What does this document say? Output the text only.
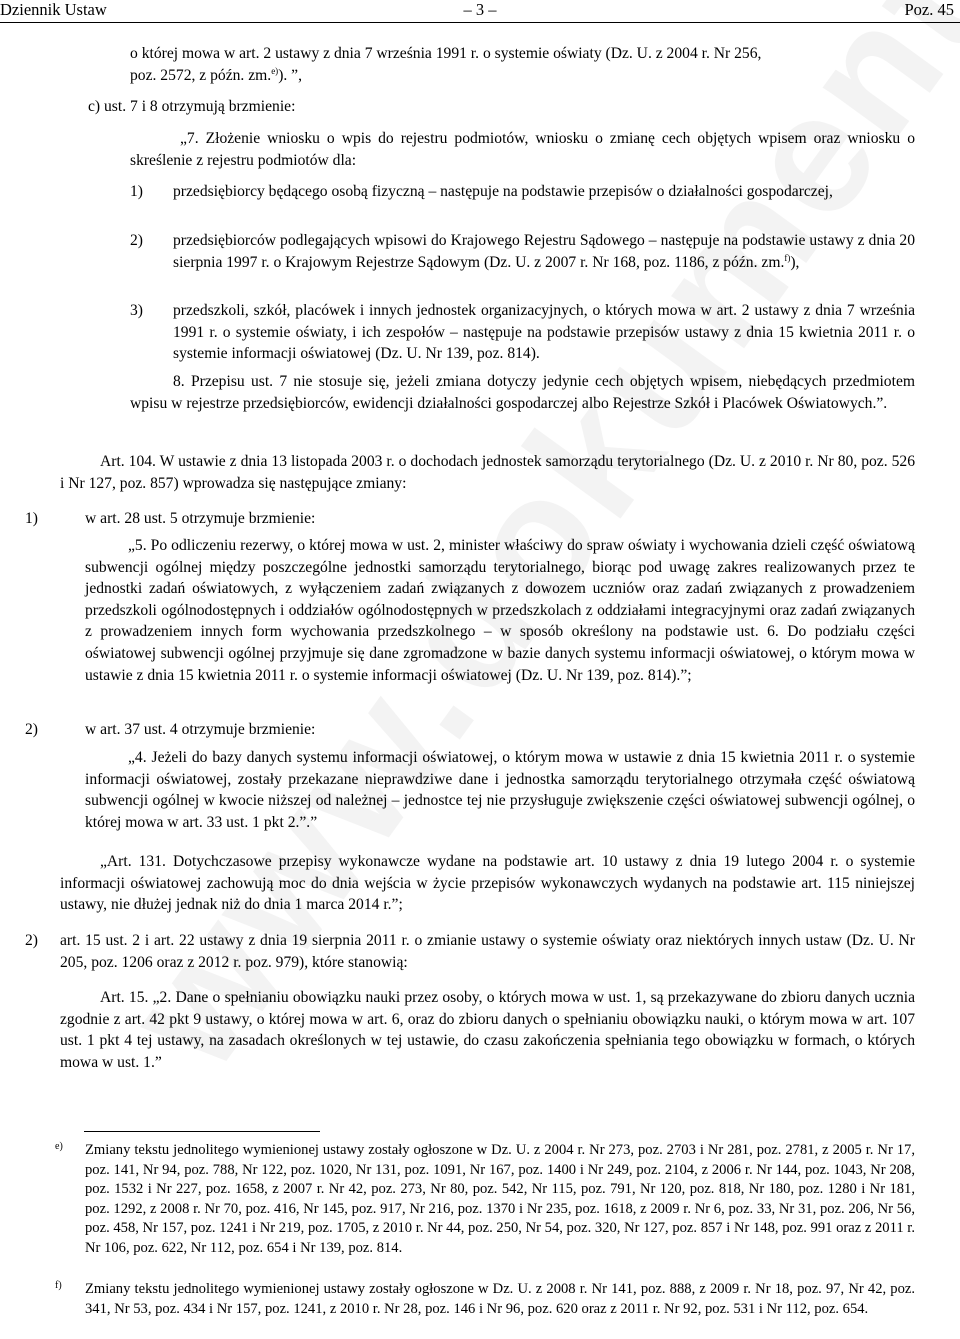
Dziennik Ustaw	– 3 –	Poz. 45
o której mowa w art. 2 ustawy z dnia 7 września 1991 r. o systemie oświaty (Dz. U. z 2004 r. Nr 256,
poz. 2572, z późn. zm.$^{e)}$). ”,
c) ust. 7 i 8 otrzymują brzmienie:
„7. Złożenie wniosku o wpis do rejestru podmiotów, wniosku o zmianę cech objętych wpisem oraz wniosku o skreślenie z rejestru podmiotów dla:
1) przedsiębiorcy będącego osobą fizyczną – następuje na podstawie przepisów o działalności gospodarczej,
2) przedsiębiorców podlegających wpisowi do Krajowego Rejestru Sądowego – następuje na podstawie ustawy z dnia 20 sierpnia 1997 r. o Krajowym Rejestrze Sądowym (Dz. U. z 2007 r. Nr 168, poz. 1186, z późn. zm.$^{f)}$),
3) przedszkoli, szkół, placówek i innych jednostek organizacyjnych, o których mowa w art. 2 ustawy z dnia 7 września 1991 r. o systemie oświaty, i ich zespołów – następuje na podstawie przepisów ustawy z dnia 15 kwietnia 2011 r. o systemie informacji oświatowej (Dz. U. Nr 139, poz. 814).
8. Przepisu ust. 7 nie stosuje się, jeżeli zmiana dotyczy jedynie cech objętych wpisem, niebędących przedmiotem wpisu w rejestrze przedsiębiorców, ewidencji działalności gospodarczej albo Rejestrze Szkół i Placówek Oświatowych.”.
Art. 104. W ustawie z dnia 13 listopada 2003 r. o dochodach jednostek samorządu terytorialnego (Dz. U. z 2010 r. Nr 80, poz. 526 i Nr 127, poz. 857) wprowadza się następujące zmiany:
1)	w art. 28 ust. 5 otrzymuje brzmienie:
„5. Po odliczeniu rezerwy, o której mowa w ust. 2, minister właściwy do spraw oświaty i wychowania dzieli część oświatową subwencji ogólnej między poszczególne jednostki samorządu terytorialnego, biorąc pod uwagę zakres realizowanych przez te jednostki zadań oświatowych, z wyłączeniem zadań związanych z dowozem uczniów oraz zadań związanych z prowadzeniem przedszkoli ogólnodostępnych i oddziałów ogólnodostępnych w przedszkolach z oddziałami integracyjnymi oraz zadań związanych z prowadzeniem innych form wychowania przedszkolnego – w sposób określony na podstawie ust. 6. Do podziału części oświatowej subwencji ogólnej przyjmuje się dane zgromadzone w bazie danych systemu informacji oświatowej, o którym mowa w ustawie z dnia 15 kwietnia 2011 r. o systemie informacji oświatowej (Dz. U. Nr 139, poz. 814).”;
2)	w art. 37 ust. 4 otrzymuje brzmienie:
„4. Jeżeli do bazy danych systemu informacji oświatowej, o którym mowa w ustawie z dnia 15 kwietnia 2011 r. o systemie informacji oświatowej, zostały przekazane nieprawdziwe dane i jednostka samorządu terytorialnego otrzymała część oświatową subwencji ogólnej w kwocie niższej od należnej – jednostce tej nie przysługuje zwiększenie części oświatowej subwencji ogólnej, o której mowa w art. 33 ust. 1 pkt 2.”.”
„Art. 131. Dotychczasowe przepisy wykonawcze wydane na podstawie art. 10 ustawy z dnia 19 lutego 2004 r. o systemie informacji oświatowej zachowują moc do dnia wejścia w życie przepisów wykonawczych wydanych na podstawie art. 115 niniejszej ustawy, nie dłużej jednak niż do dnia 1 marca 2014 r.”;
2) art. 15 ust. 2 i art. 22 ustawy z dnia 19 sierpnia 2011 r. o zmianie ustawy o systemie oświaty oraz niektórych innych ustaw (Dz. U. Nr 205, poz. 1206 oraz z 2012 r. poz. 979), które stanowią:
Art. 15. „2. Dane o spełnianiu obowiązku nauki przez osoby, o których mowa w ust. 1, są przekazywane do zbioru danych ucznia zgodnie z art. 42 pkt 9 ustawy, o której mowa w art. 6, oraz do zbioru danych o spełnianiu obowiązku nauki, o którym mowa w art. 107 ust. 1 pkt 4 tej ustawy, na zasadach określonych w tej ustawie, do czasu zakończenia spełniania tego obowiązku w formach, o których mowa w ust. 1.”
e) Zmiany tekstu jednolitego wymienionej ustawy zostały ogłoszone w Dz. U. z 2004 r. Nr 273, poz. 2703 i Nr 281, poz. 2781, z 2005 r. Nr 17, poz. 141, Nr 94, poz. 788, Nr 122, poz. 1020, Nr 131, poz. 1091, Nr 167, poz. 1400 i Nr 249, poz. 2104, z 2006 r. Nr 144, poz. 1043, Nr 208, poz. 1532 i Nr 227, poz. 1658, z 2007 r. Nr 42, poz. 273, Nr 80, poz. 542, Nr 115, poz. 791, Nr 120, poz. 818, Nr 180, poz. 1280 i Nr 181, poz. 1292, z 2008 r. Nr 70, poz. 416, Nr 145, poz. 917, Nr 216, poz. 1370 i Nr 235, poz. 1618, z 2009 r. Nr 6, poz. 33, Nr 31, poz. 206, Nr 56, poz. 458, Nr 157, poz. 1241 i Nr 219, poz. 1705, z 2010 r. Nr 44, poz. 250, Nr 54, poz. 320, Nr 127, poz. 857 i Nr 148, poz. 991 oraz z 2011 r. Nr 106, poz. 622, Nr 112, poz. 654 i Nr 139, poz. 814.
f) Zmiany tekstu jednolitego wymienionej ustawy zostały ogłoszone w Dz. U. z 2008 r. Nr 141, poz. 888, z 2009 r. Nr 18, poz. 97, Nr 42, poz. 341, Nr 53, poz. 434 i Nr 157, poz. 1241, z 2010 r. Nr 28, poz. 146 i Nr 96, poz. 620 oraz z 2011 r. Nr 92, poz. 531 i Nr 112, poz. 654.
